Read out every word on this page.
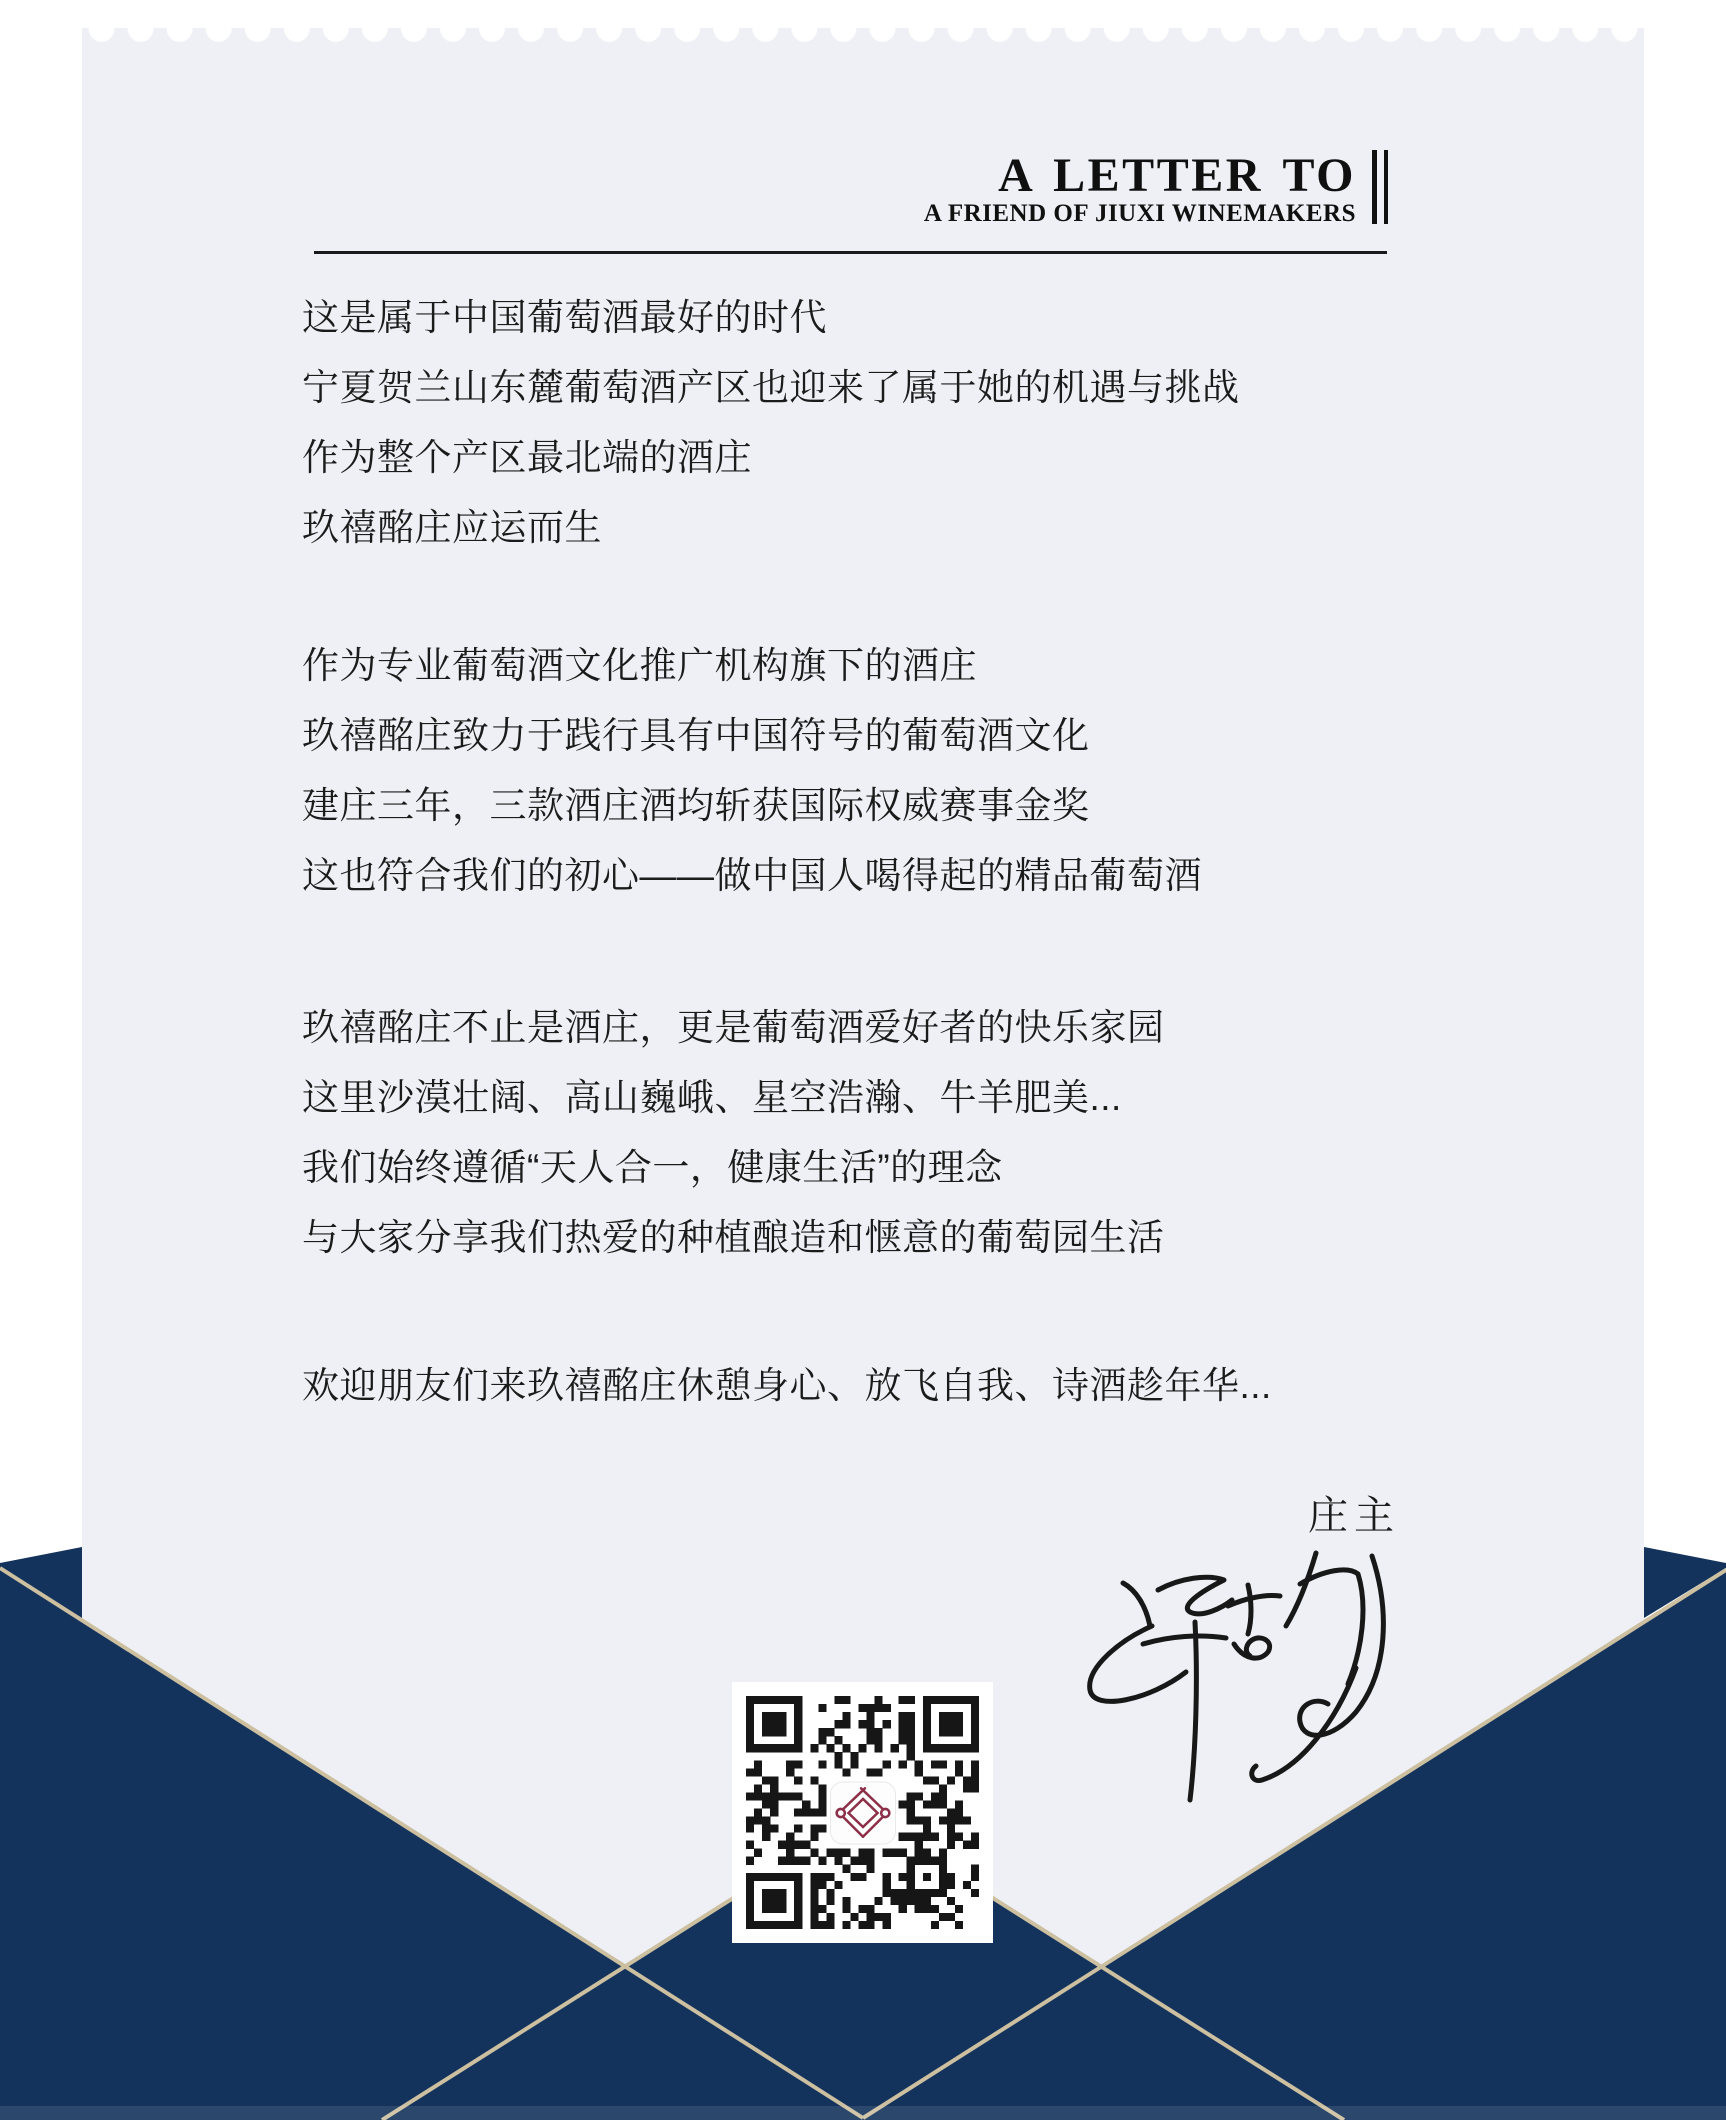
A LETTER TO
A FRIEND OF JIUXI WINEMAKERS
这是属于中国葡萄酒最好的时代
宁夏贺兰山东麓葡萄酒产区也迎来了属于她的机遇与挑战
作为整个产区最北端的酒庄
玖禧酩庄应运而生
作为专业葡萄酒文化推广机构旗下的酒庄
玖禧酩庄致力于践行具有中国符号的葡萄酒文化
建庄三年，三款酒庄酒均斩获国际权威赛事金奖
这也符合我们的初心——做中国人喝得起的精品葡萄酒
玖禧酩庄不止是酒庄，更是葡萄酒爱好者的快乐家园
这里沙漠壮阔、高山巍峨、星空浩瀚、牛羊肥美...
我们始终遵循“天人合一，健康生活”的理念
与大家分享我们热爱的种植酿造和惬意的葡萄园生活
欢迎朋友们来玖禧酩庄休憩身心、放飞自我、诗酒趁年华...
庄主
